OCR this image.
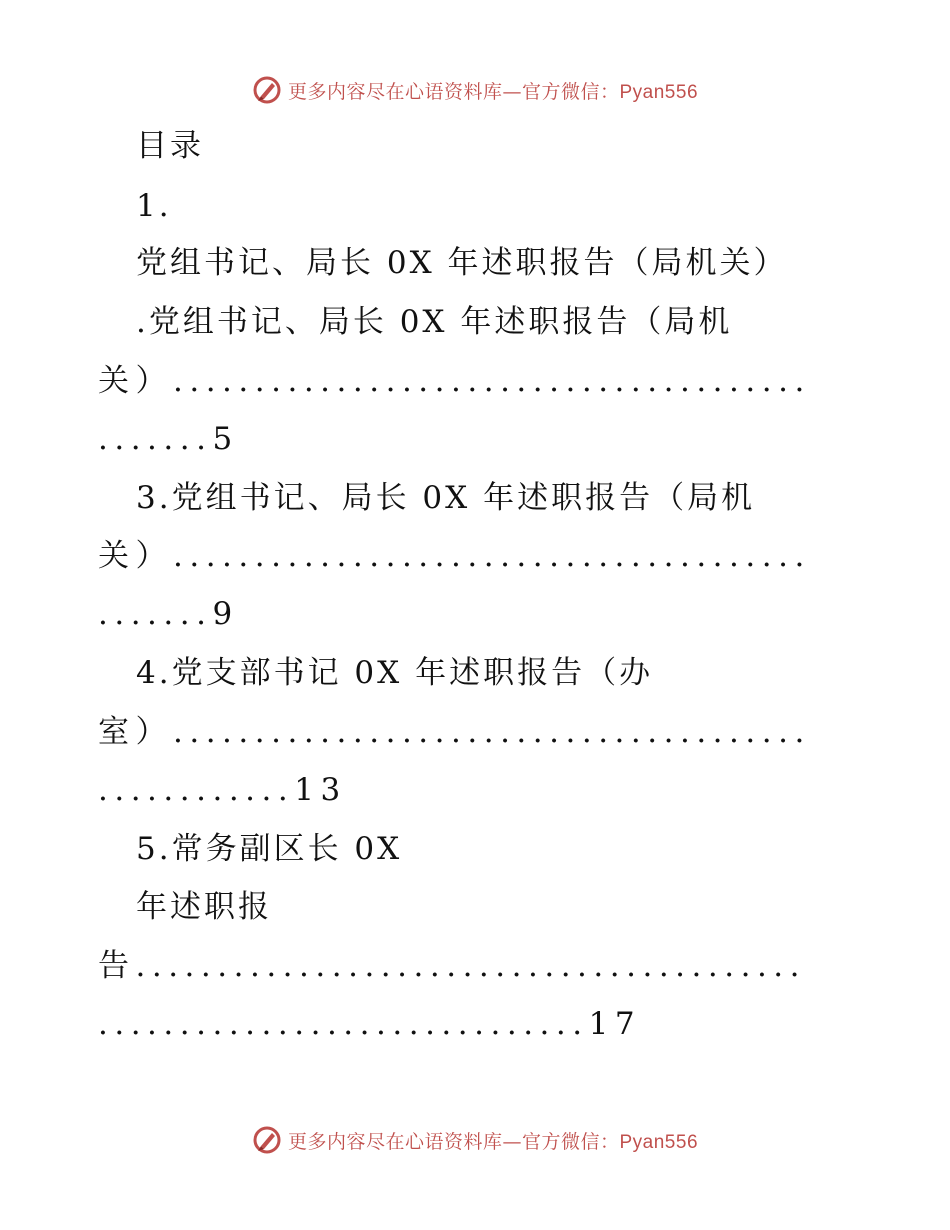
更多内容尽在心语资料库—官方微信：Pyan556
目录
1.
党组书记、局长 0X 年述职报告（局机关）
.党组书记、局长 0X 年述职报告（局机
关）.......................................
.......5
3.党组书记、局长 0X 年述职报告（局机
关）.......................................
.......9
4.党支部书记 0X 年述职报告（办
室）.......................................
............13
5.常务副区长 0X
年述职报
告.........................................
..............................17
更多内容尽在心语资料库—官方微信：Pyan556
